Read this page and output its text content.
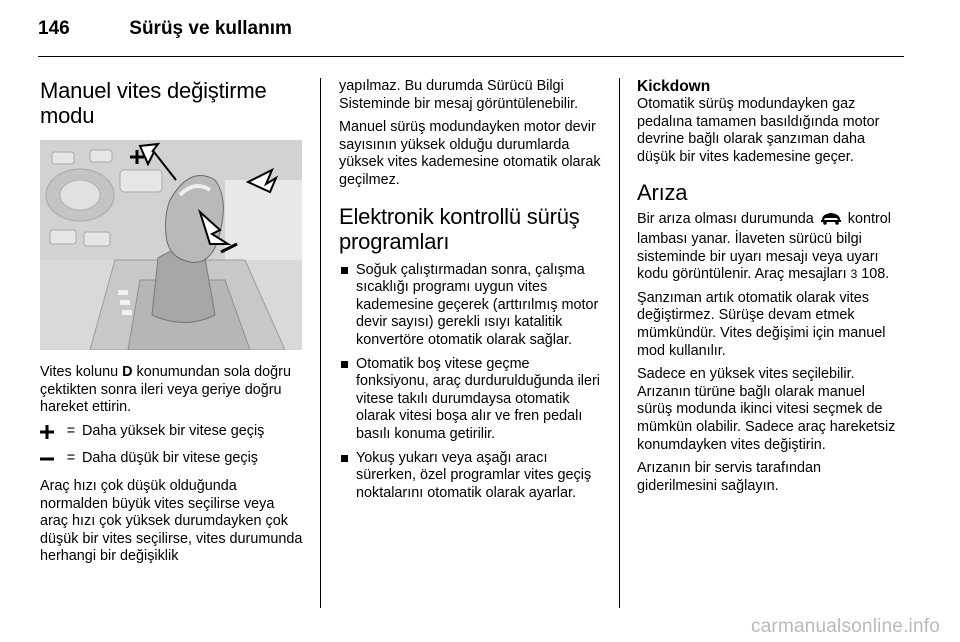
146	Sürüş ve kullanım
Manuel vites değiştirme
modu

Vites kolunu D konumundan sola doğru çektikten sonra ileri veya geriye doğru hareket ettirin.

= Daha yüksek bir vitese geçiş
= Daha düşük bir vitese geçiş

Araç hızı çok düşük olduğunda normalden büyük vites seçilirse veya araç hızı çok yüksek durumdayken çok düşük bir vites seçilirse, vites durumunda herhangi bir değişiklik

yapılmaz. Bu durumda Sürücü Bilgi Sisteminde bir mesaj görüntülenebilir.

Manuel sürüş modundayken motor devir sayısının yüksek olduğu durumlarda yüksek vites kademesine otomatik olarak geçilmez.

Elektronik kontrollü sürüş programları
Soğuk çalıştırmadan sonra, çalışma sıcaklığı programı uygun vites kademesine geçerek (arttırılmış motor devir sayısı) gerekli ısıyı katalitik konvertöre otomatik olarak sağlar.
Otomatik boş vitese geçme fonksiyonu, araç durdurulduğunda ileri vitese takılı durumdaysa otomatik olarak vitesi boşa alır ve fren pedalı basılı konuma getirilir.
Yokuş yukarı veya aşağı aracı sürerken, özel programlar vites geçiş noktalarını otomatik olarak ayarlar.
Kickdown

Otomatik sürüş modundayken gaz pedalına tamamen basıldığında motor devrine bağlı olarak şanzıman daha düşük bir vites kademesine geçer.

Arıza

Bir arıza olması durumunda kontrol lambası yanar. İlaveten sürücü bilgi sisteminde bir uyarı mesajı veya uyarı kodu görüntülenir. Araç mesajları 3 108.

Şanzıman artık otomatik olarak vites değiştirmez. Sürüşe devam etmek mümkündür. Vites değişimi için manuel mod kullanılır.

Sadece en yüksek vites seçilebilir. Arızanın türüne bağlı olarak manuel sürüş modunda ikinci vitesi seçmek de mümkün olabilir. Sadece araç hareketsiz konumdayken vites değiştirin.

Arızanın bir servis tarafından giderilmesini sağlayın.

carmanualsonline.info
